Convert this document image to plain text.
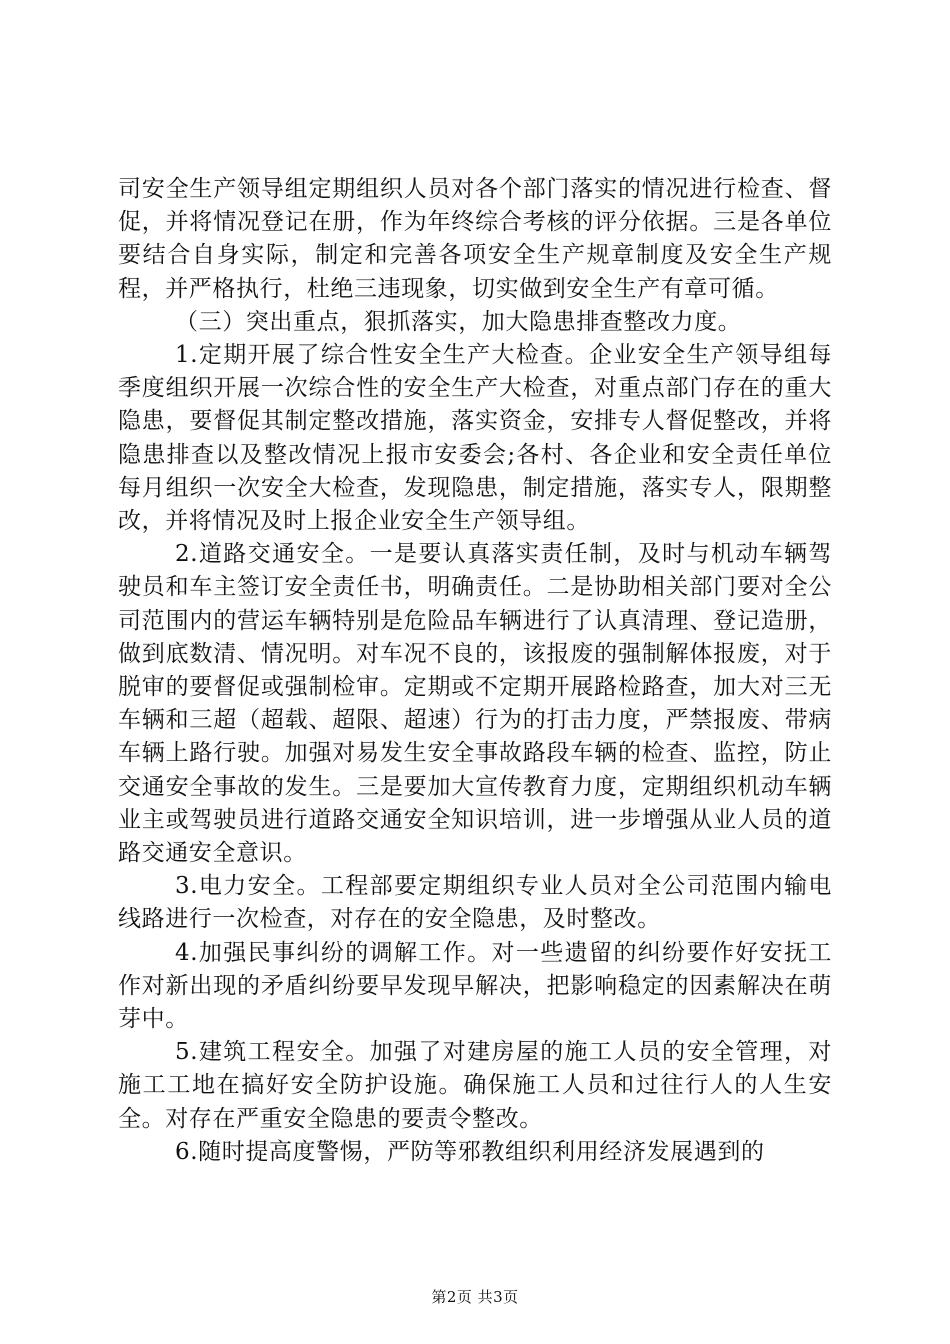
司安全生产领导组定期组织人员对各个部门落实的情况进行检查、督促，并将情况登记在册，作为年终综合考核的评分依据。三是各单位要结合自身实际，制定和完善各项安全生产规章制度及安全生产规程，并严格执行，杜绝三违现象，切实做到安全生产有章可循。

（三）突出重点，狠抓落实，加大隐患排查整改力度。

1.定期开展了综合性安全生产大检查。企业安全生产领导组每季度组织开展一次综合性的安全生产大检查，对重点部门存在的重大隐患，要督促其制定整改措施，落实资金，安排专人督促整改，并将隐患排查以及整改情况上报市安委会;各村、各企业和安全责任单位每月组织一次安全大检查，发现隐患，制定措施，落实专人，限期整改，并将情况及时上报企业安全生产领导组。

2.道路交通安全。一是要认真落实责任制，及时与机动车辆驾驶员和车主签订安全责任书，明确责任。二是协助相关部门要对全公司范围内的营运车辆特别是危险品车辆进行了认真清理、登记造册，做到底数清、情况明。对车况不良的，该报废的强制解体报废，对于脱审的要督促或强制检审。定期或不定期开展路检路查，加大对三无车辆和三超（超载、超限、超速）行为的打击力度，严禁报废、带病车辆上路行驶。加强对易发生安全事故路段车辆的检查、监控，防止交通安全事故的发生。三是要加大宣传教育力度，定期组织机动车辆业主或驾驶员进行道路交通安全知识培训，进一步增强从业人员的道路交通安全意识。

3.电力安全。工程部要定期组织专业人员对全公司范围内输电线路进行一次检查，对存在的安全隐患，及时整改。

4.加强民事纠纷的调解工作。对一些遗留的纠纷要作好安抚工作对新出现的矛盾纠纷要早发现早解决，把影响稳定的因素解决在萌芽中。

5.建筑工程安全。加强了对建房屋的施工人员的安全管理，对施工工地在搞好安全防护设施。确保施工人员和过往行人的人生安全。对存在严重安全隐患的要责令整改。

6.随时提高度警惕，严防等邪教组织利用经济发展遇到的

第2页 共3页
